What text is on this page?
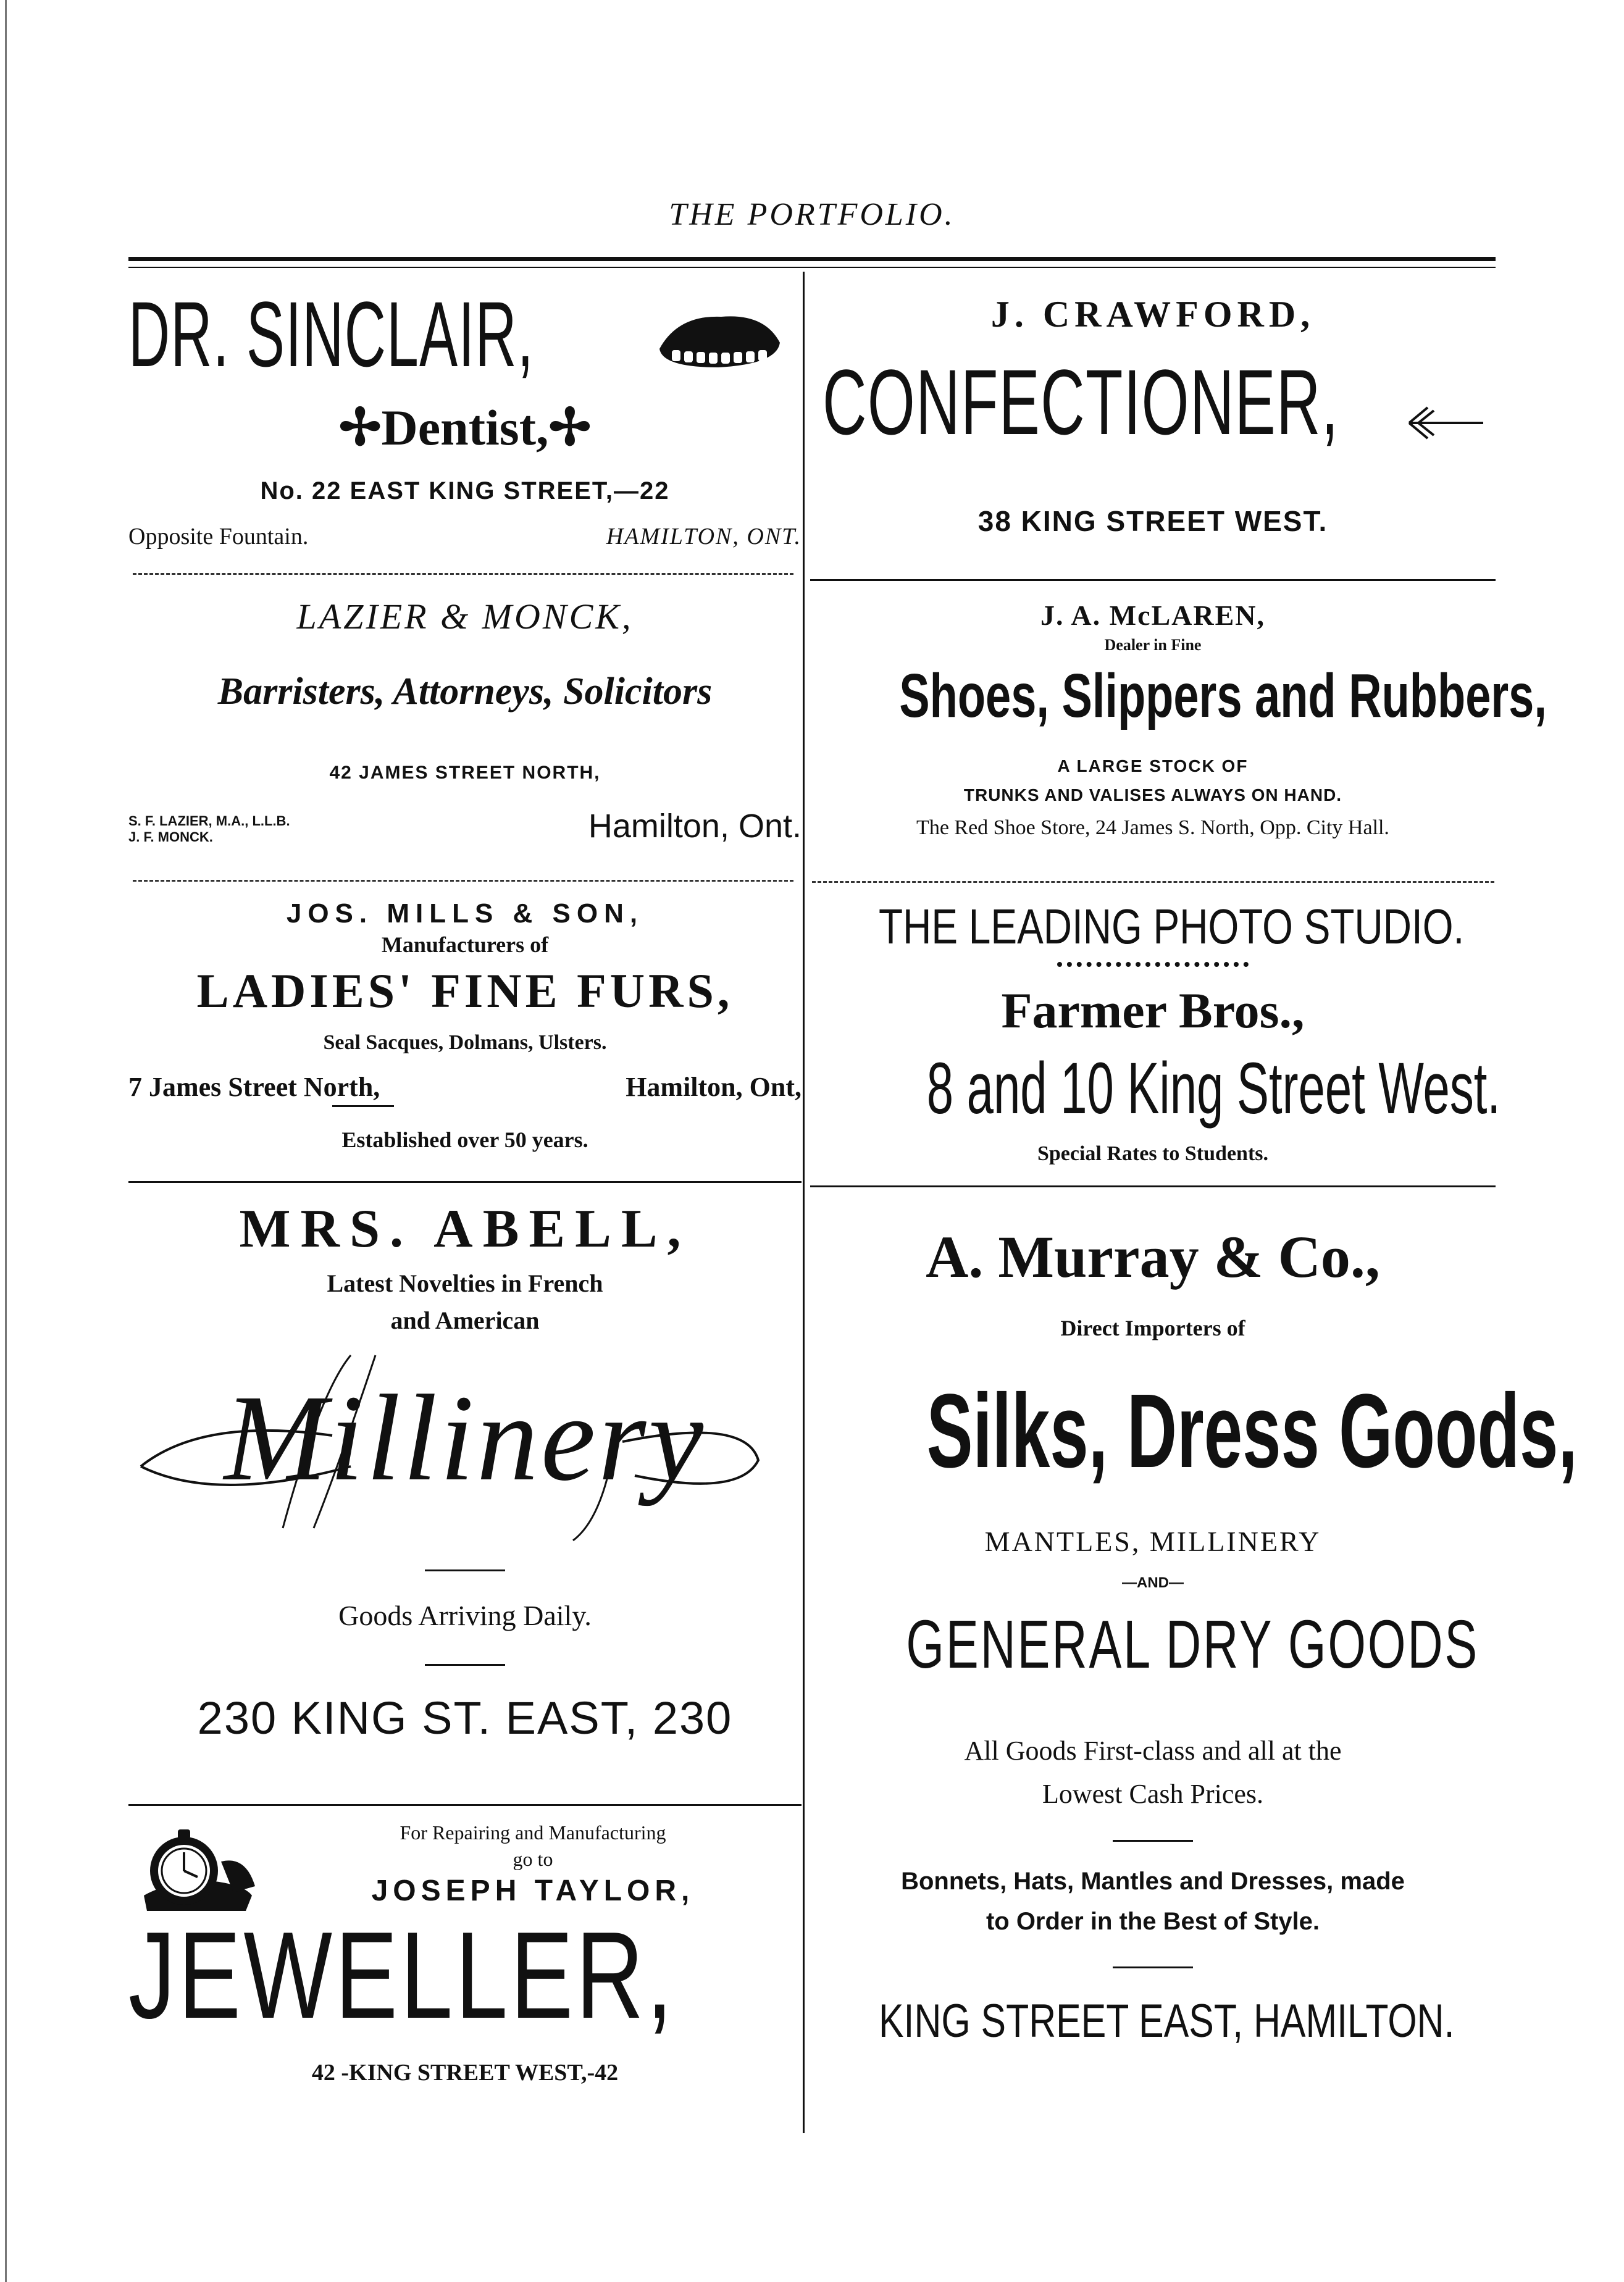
THE PORTFOLIO.
DR. SINCLAIR,
✢Dentist,✢
No. 22 EAST KING STREET,—22
Opposite Fountain.	HAMILTON, ONT.
LAZIER & MONCK,
Barristers, Attorneys, Solicitors
42 JAMES STREET NORTH,
S. F. LAZIER, M.A., L.L.B.
J. F. MONCK.	Hamilton, Ont.
JOS. MILLS & SON,
Manufacturers of
LADIES' FINE FURS,
Seal Sacques, Dolmans, Ulsters.
7 James Street North,	Hamilton, Ont,
Established over 50 years.
MRS. ABELL,
Latest Novelties in French
and American
Millinery
Goods Arriving Daily.
230 KING ST. EAST, 230
For Repairing and Manufacturing
go to
JOSEPH TAYLOR,
JEWELLER,
42 -KING STREET WEST,-42
J. CRAWFORD,
CONFECTIONER,
38 KING STREET WEST.
J. A. McLAREN,
Dealer in Fine
Shoes, Slippers and Rubbers,
A LARGE STOCK OF
TRUNKS AND VALISES ALWAYS ON HAND.
The Red Shoe Store, 24 James S. North, Opp. City Hall.
THE LEADING PHOTO STUDIO.
Farmer Bros.,
8 and 10 King Street West.
Special Rates to Students.
A. Murray & Co.,
Direct Importers of
Silks, Dress Goods,
MANTLES, MILLINERY
—AND—
GENERAL DRY GOODS
All Goods First-class and all at the
Lowest Cash Prices.
Bonnets, Hats, Mantles and Dresses, made
to Order in the Best of Style.
KING STREET EAST, HAMILTON.
